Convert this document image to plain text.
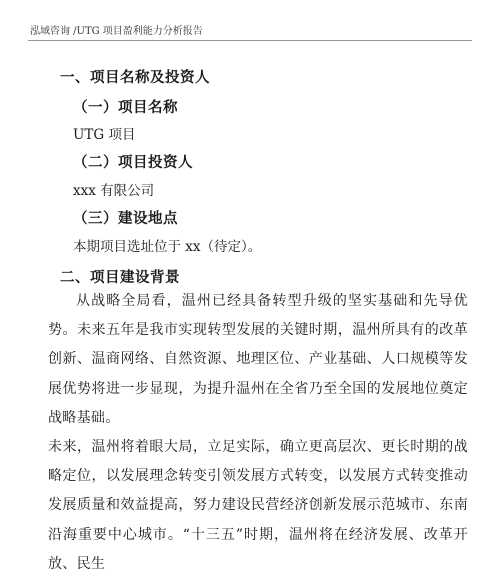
泓域咨询 /UTG 项目盈利能力分析报告
一、项目名称及投资人
（一）项目名称
UTG 项目
（二）项目投资人
xxx 有限公司
（三）建设地点
本期项目选址位于 xx（待定）。
二、项目建设背景

从战略全局看，温州已经具备转型升级的坚实基础和先导优势。未来五年是我市实现转型发展的关键时期，温州所具有的改革创新、温商网络、自然资源、地理区位、产业基础、人口规模等发展优势将进一步显现，为提升温州在全省乃至全国的发展地位奠定战略基础。

未来，温州将着眼大局，立足实际，确立更高层次、更长时期的战略定位，以发展理念转变引领发展方式转变，以发展方式转变推动发展质量和效益提高，努力建设民营经济创新发展示范城市、东南沿海重要中心城市。“十三五”时期，温州将在经济发展、改革开放、民生
